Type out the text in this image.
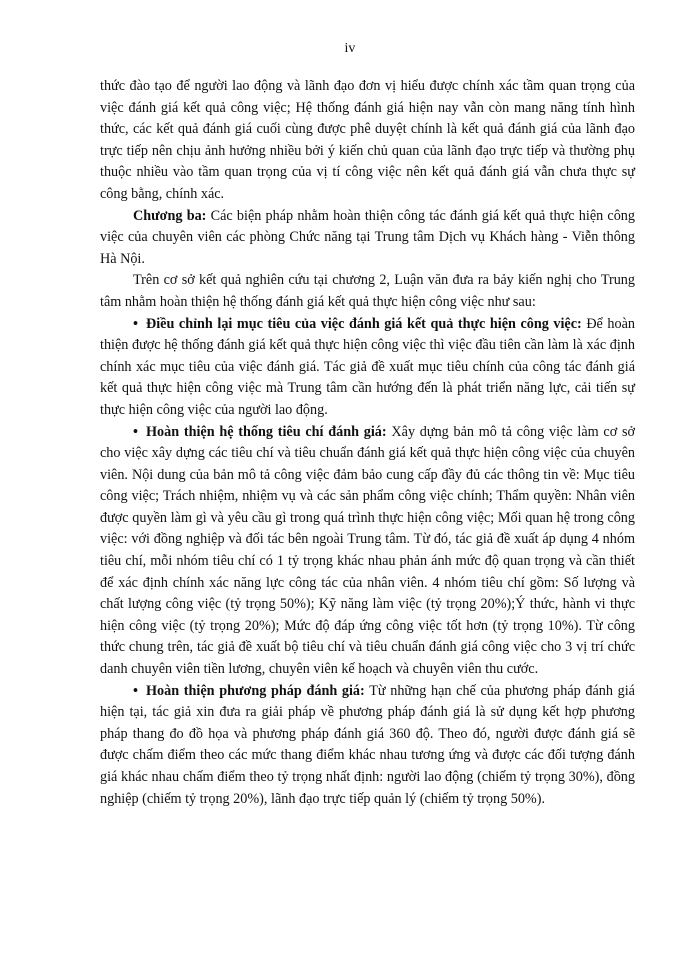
iv

thức đào tạo để người lao động và lãnh đạo đơn vị hiểu được chính xác tầm quan trọng của việc đánh giá kết quả công việc; Hệ thống đánh giá hiện nay vẫn còn mang năng tính hình thức, các kết quả đánh giá cuối cùng được phê duyệt chính là kết quả đánh giá của lãnh đạo trực tiếp nên chịu ảnh hưởng nhiều bởi ý kiến chủ quan của lãnh đạo trực tiếp và thường phụ thuộc nhiều vào tầm quan trọng của vị tí công việc nên kết quả đánh giá vẫn chưa thực sự công bằng, chính xác.

Chương ba: Các biện pháp nhằm hoàn thiện công tác đánh giá kết quả thực hiện công việc của chuyên viên các phòng Chức năng tại Trung tâm Dịch vụ Khách hàng - Viễn thông Hà Nội.

Trên cơ sở kết quả nghiên cứu tại chương 2, Luận văn đưa ra bảy kiến nghị cho Trung tâm nhằm hoàn thiện hệ thống đánh giá kết quả thực hiện công việc như sau:

• Điều chỉnh lại mục tiêu của việc đánh giá kết quả thực hiện công việc: Để hoàn thiện được hệ thống đánh giá kết quả thực hiện công việc thì việc đầu tiên cần làm là xác định chính xác mục tiêu của việc đánh giá. Tác giả đề xuất mục tiêu chính của công tác đánh giá kết quả thực hiện công việc mà Trung tâm cần hướng đến là phát triển năng lực, cải tiến sự thực hiện công việc của người lao động.

• Hoàn thiện hệ thống tiêu chí đánh giá: Xây dựng bản mô tả công việc làm cơ sở cho việc xây dựng các tiêu chí và tiêu chuẩn đánh giá kết quả thực hiện công việc của chuyên viên. Nội dung của bản mô tả công việc đảm bảo cung cấp đầy đủ các thông tin về: Mục tiêu công việc; Trách nhiệm, nhiệm vụ và các sản phẩm công việc chính; Thẩm quyền: Nhân viên được quyền làm gì và yêu cầu gì trong quá trình thực hiện công việc; Mối quan hệ trong công việc: với đồng nghiệp và đối tác bên ngoài Trung tâm. Từ đó, tác giả đề xuất áp dụng 4 nhóm tiêu chí, mỗi nhóm tiêu chí có 1 tỷ trọng khác nhau phản ánh mức độ quan trọng và cần thiết để xác định chính xác năng lực công tác của nhân viên. 4 nhóm tiêu chí gồm: Số lượng và chất lượng công việc (tỷ trọng 50%); Kỹ năng làm việc (tỷ trọng 20%);Ý thức, hành vi thực hiện công việc (tỷ trọng 20%); Mức độ đáp ứng công việc tốt hơn (tỷ trọng 10%). Từ công thức chung trên, tác giả đề xuất bộ tiêu chí và tiêu chuẩn đánh giá công việc cho 3 vị trí chức danh chuyên viên tiền lương, chuyên viên kế hoạch và chuyên viên thu cước.

• Hoàn thiện phương pháp đánh giá: Từ những hạn chế của phương pháp đánh giá hiện tại, tác giả xin đưa ra giải pháp về phương pháp đánh giá là sử dụng kết hợp phương pháp thang đo đồ họa và phương pháp đánh giá 360 độ. Theo đó, người được đánh giá sẽ được chấm điểm theo các mức thang điểm khác nhau tương ứng và được các đối tượng đánh giá khác nhau chấm điểm theo tỷ trọng nhất định: người lao động (chiếm tỷ trọng 30%), đồng nghiệp (chiếm tỷ trọng 20%), lãnh đạo trực tiếp quản lý (chiếm tỷ trọng 50%).
